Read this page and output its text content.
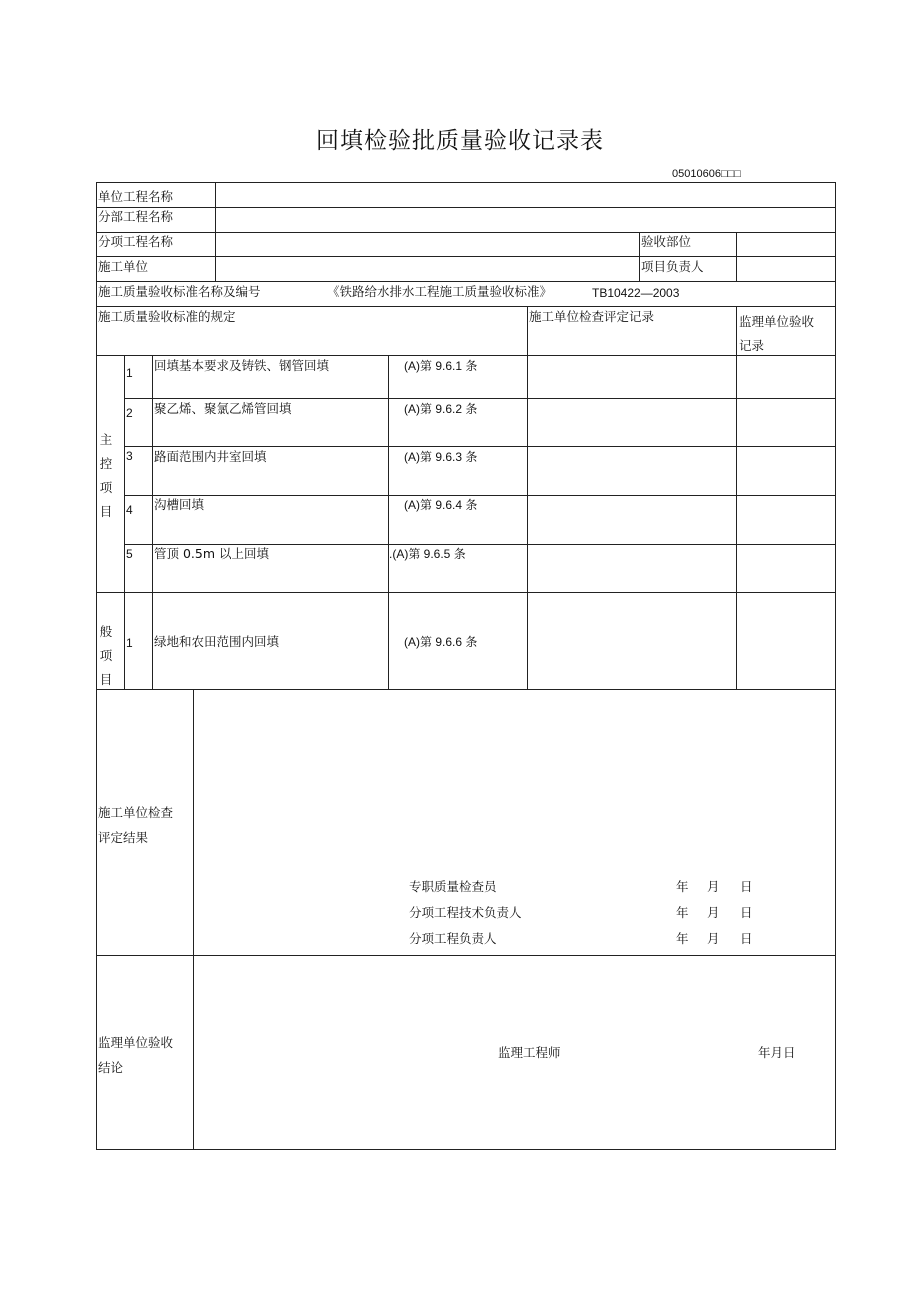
回填检验批质量验收记录表
05010606□□□
单位工程名称
分部工程名称
分项工程名称	验收部位
施工单位	项目负责人
施工质量验收标准名称及编号	《铁路给水排水工程施工质量验收标准》	TB10422—2003
施工质量验收标准的规定	施工单位检查评定记录	监理单位验收
记录
主
控
项
目
1 回填基本要求及铸铁、钢管回填	(A)第 9.6.1 条
2 聚乙烯、聚氯乙烯管回填	(A)第 9.6.2 条
3 路面范围内井室回填	(A)第 9.6.3 条
4 沟槽回填	(A)第 9.6.4 条
5 管顶 0.5m 以上回填	.(A)第 9.6.5 条
般
项
目
1 绿地和农田范围内回填	(A)第 9.6.6 条
施工单位检查
评定结果
专职质量检查员	年 月 日
分项工程技术负责人	年 月 日
分项工程负责人	年 月 日
监理单位验收
结论
监理工程师	年月日
